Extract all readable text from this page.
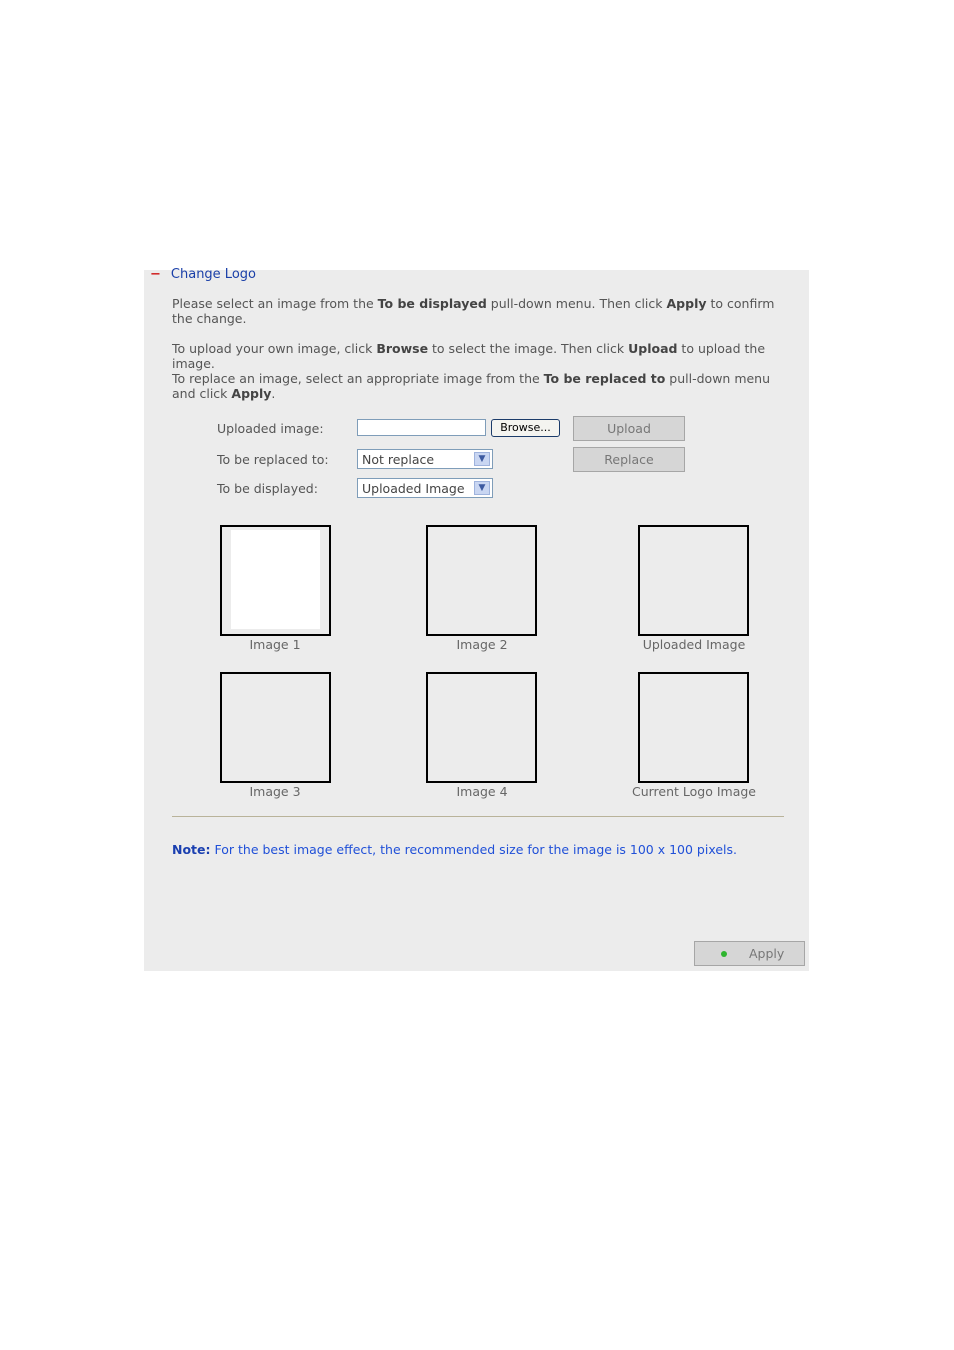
− Change Logo
Please select an image from the To be displayed pull-down menu. Then click Apply to confirm the change.
To upload your own image, click Browse to select the image. Then click Upload to upload the image.
To replace an image, select an appropriate image from the To be replaced to pull-down menu and click Apply.
Uploaded image:	Browse...	Upload
To be replaced to:	Not replace	▼	Replace
To be displayed:	Uploaded Image	▼
Image 1	Image 2	Uploaded Image
Image 3	Image 4	Current Logo Image
Note: For the best image effect, the recommended size for the image is 100 x 100 pixels.
Apply
